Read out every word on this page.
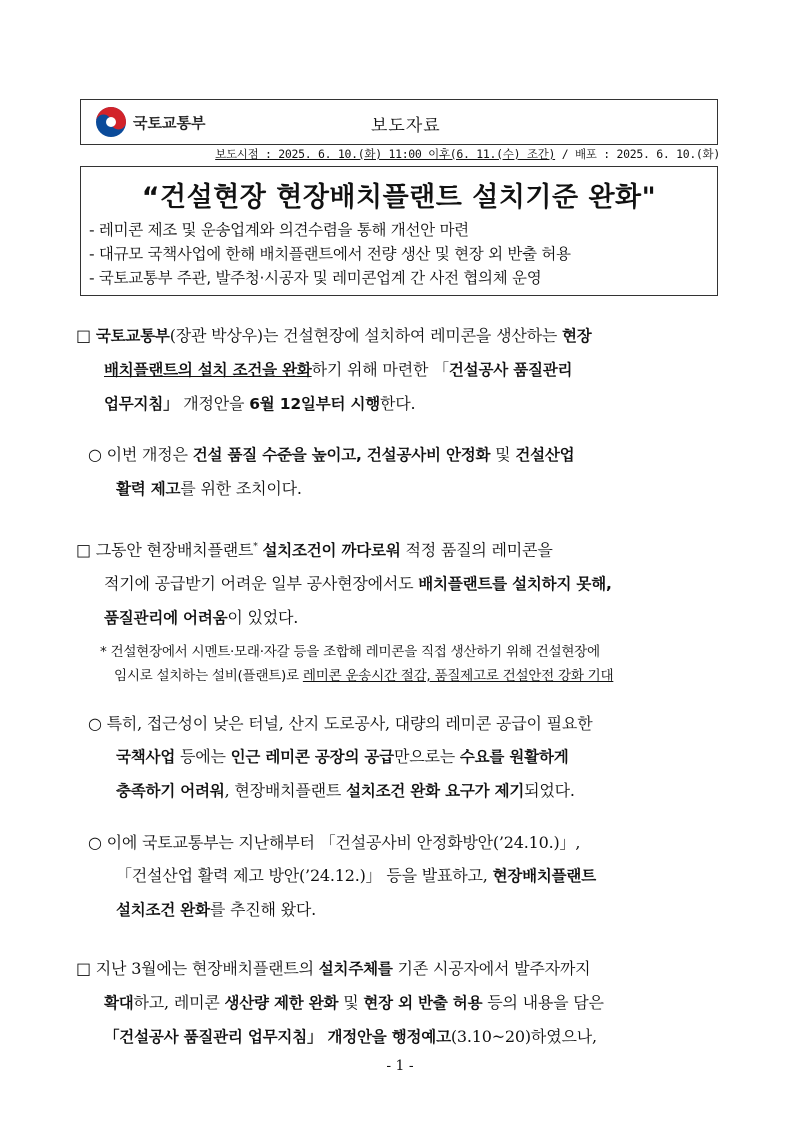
국토교통부	보도자료
보도시점 : 2025. 6. 10.(화) 11:00 이후(6. 11.(수) 조간) / 배포 : 2025. 6. 10.(화)
“건설현장 현장배치플랜트 설치기준 완화"
- 레미콘 제조 및 운송업계와 의견수렴을 통해 개선안 마련
- 대규모 국책사업에 한해 배치플랜트에서 전량 생산 및 현장 외 반출 허용
- 국토교통부 주관, 발주청·시공자 및 레미콘업계 간 사전 협의체 운영
□ 국토교통부(장관 박상우)는 건설현장에 설치하여 레미콘을 생산하는 현장
배치플랜트의 설치 조건을 완화하기 위해 마련한 「건설공사 품질관리
업무지침」 개정안을 6월 12일부터 시행한다.
○ 이번 개정은 건설 품질 수준을 높이고, 건설공사비 안정화 및 건설산업
활력 제고를 위한 조치이다.
□ 그동안 현장배치플랜트* 설치조건이 까다로워 적정 품질의 레미콘을
적기에 공급받기 어려운 일부 공사현장에서도 배치플랜트를 설치하지 못해,
품질관리에 어려움이 있었다.
* 건설현장에서 시멘트·모래·자갈 등을 조합해 레미콘을 직접 생산하기 위해 건설현장에
임시로 설치하는 설비(플랜트)로 레미콘 운송시간 절감, 품질제고로 건설안전 강화 기대
○ 특히, 접근성이 낮은 터널, 산지 도로공사, 대량의 레미콘 공급이 필요한
국책사업 등에는 인근 레미콘 공장의 공급만으로는 수요를 원활하게
충족하기 어려워, 현장배치플랜트 설치조건 완화 요구가 제기되었다.
○ 이에 국토교통부는 지난해부터 「건설공사비 안정화방안(’24.10.)」,
「건설산업 활력 제고 방안(’24.12.)」 등을 발표하고, 현장배치플랜트
설치조건 완화를 추진해 왔다.
□ 지난 3월에는 현장배치플랜트의 설치주체를 기존 시공자에서 발주자까지
확대하고, 레미콘 생산량 제한 완화 및 현장 외 반출 허용 등의 내용을 담은
「건설공사 품질관리 업무지침」 개정안을 행정예고(3.10~20)하였으나,
- 1 -
